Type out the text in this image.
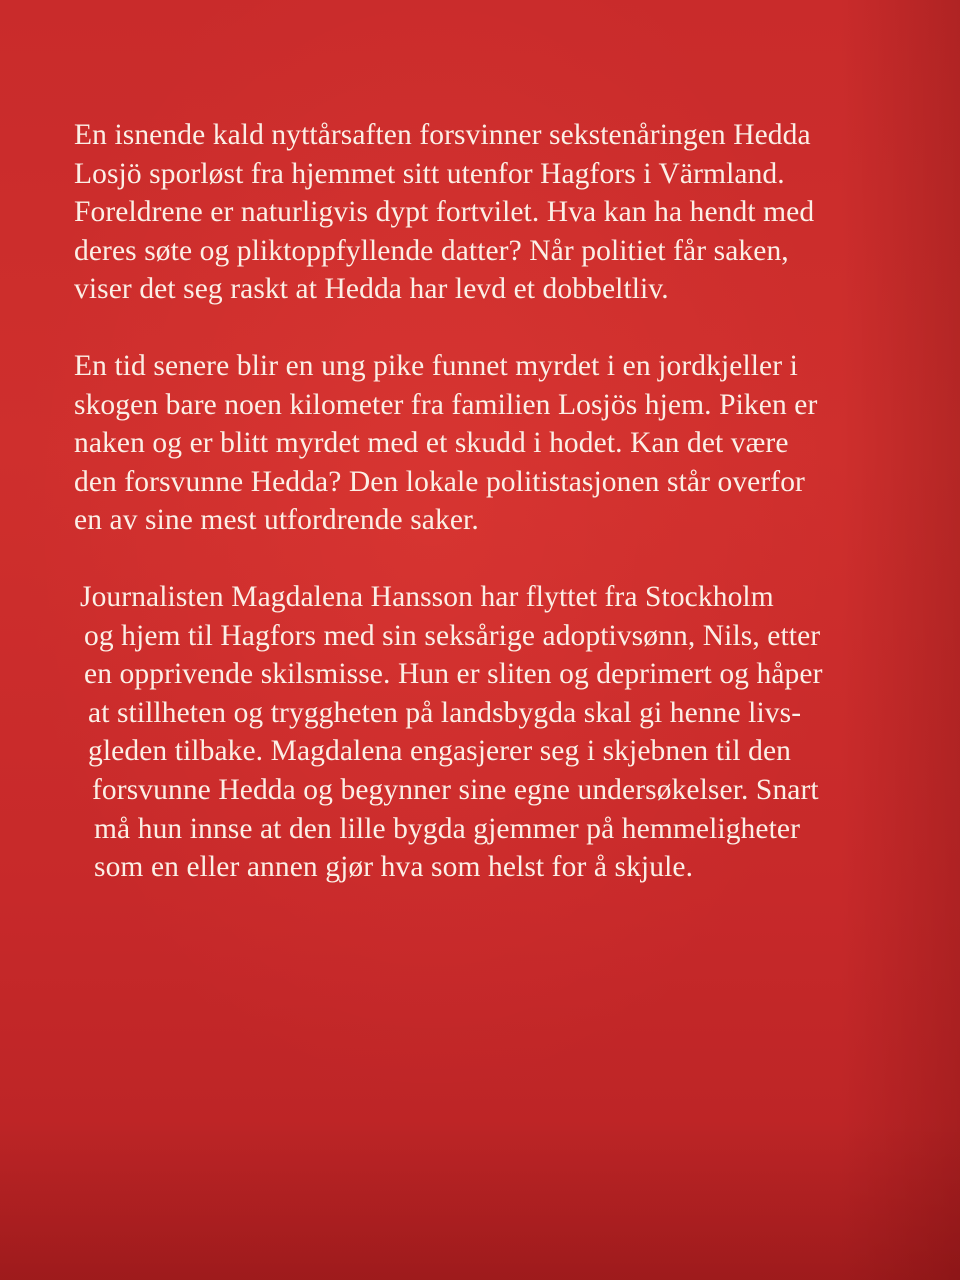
En isnende kald nyttårsaften forsvinner sekstenåringen Hedda
Losjö sporløst fra hjemmet sitt utenfor Hagfors i Värmland.
Foreldrene er naturligvis dypt fortvilet. Hva kan ha hendt med
deres søte og pliktoppfyllende datter? Når politiet får saken,
viser det seg raskt at Hedda har levd et dobbeltliv.

En tid senere blir en ung pike funnet myrdet i en jordkjeller i
skogen bare noen kilometer fra familien Losjös hjem. Piken er
naken og er blitt myrdet med et skudd i hodet. Kan det være
den forsvunne Hedda? Den lokale politistasjonen står overfor
en av sine mest utfordrende saker.

Journalisten Magdalena Hansson har flyttet fra Stockholm
og hjem til Hagfors med sin seksårige adoptivsønn, Nils, etter
en opprivende skilsmisse. Hun er sliten og deprimert og håper
at stillheten og tryggheten på landsbygda skal gi henne livs-
gleden tilbake. Magdalena engasjerer seg i skjebnen til den
forsvunne Hedda og begynner sine egne undersøkelser. Snart
må hun innse at den lille bygda gjemmer på hemmeligheter
som en eller annen gjør hva som helst for å skjule.
